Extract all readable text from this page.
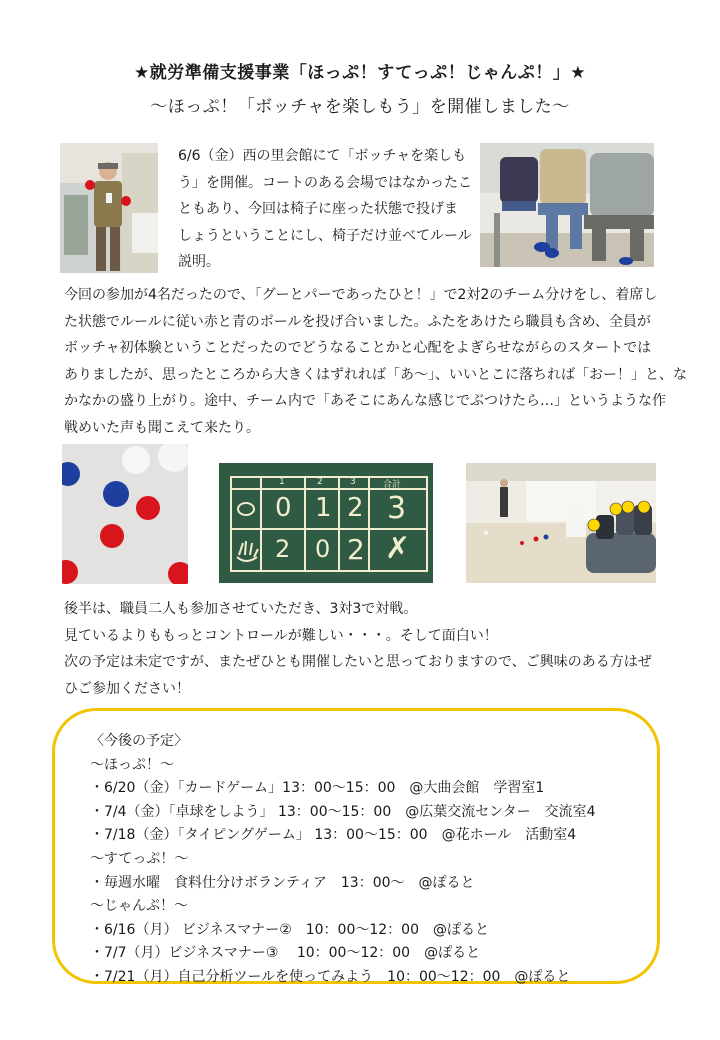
★就労準備支援事業「ほっぷ！すてっぷ！じゃんぷ！」★
～ほっぷ！「ボッチャを楽しもう」を開催しました～
6/6（金）西の里会館にて「ボッチャを楽しも
う」を開催。コートのある会場ではなかったこ
ともあり、今回は椅子に座った状態で投げま
しょうということにし、椅子だけ並べてルール
説明。
今回の参加が4名だったので、「グーとパーであったひと！」で2対2のチーム分けをし、着席し
た状態でルールに従い赤と青のボールを投げ合いました。ふたをあけたら職員も含め、全員が
ボッチャ初体験ということだったのでどうなることかと心配をよぎらせながらのスタートでは
ありましたが、思ったところから大きくはずれれば「あ～」、いいとこに落ちれば「おー！」と、な
かなかの盛り上がり。途中、チーム内で「あそこにあんな感じでぶつけたら…」というような作
戦めいた声も聞こえて来たり。
1	2	3	合計
0 1 2 3
2 0 2 ✗
後半は、職員二人も参加させていただき、3対3で対戦。
見ているよりももっとコントロールが難しい・・・。そして面白い！
次の予定は未定ですが、またぜひとも開催したいと思っておりますので、ご興味のある方はぜ
ひご参加ください！
〈今後の予定〉
～ほっぷ！～
・6/20（金）「カードゲーム」13：00～15：00　@大曲会館　学習室1
・7/4（金）「卓球をしよう」 13：00～15：00　@広葉交流センター　交流室4
・7/18（金）「タイピングゲーム」 13：00～15：00　@花ホール　活動室4
～すてっぷ！～
・毎週水曜　食料仕分けボランティア　13：00～　@ぽると
～じゃんぷ！～
・6/16（月） ビジネスマナー②　10：00～12：00　@ぽると
・7/7（月）ビジネスマナー③　 10：00～12：00　@ぽると
・7/21（月）自己分析ツールを使ってみよう　10：00～12：00　@ぽると
